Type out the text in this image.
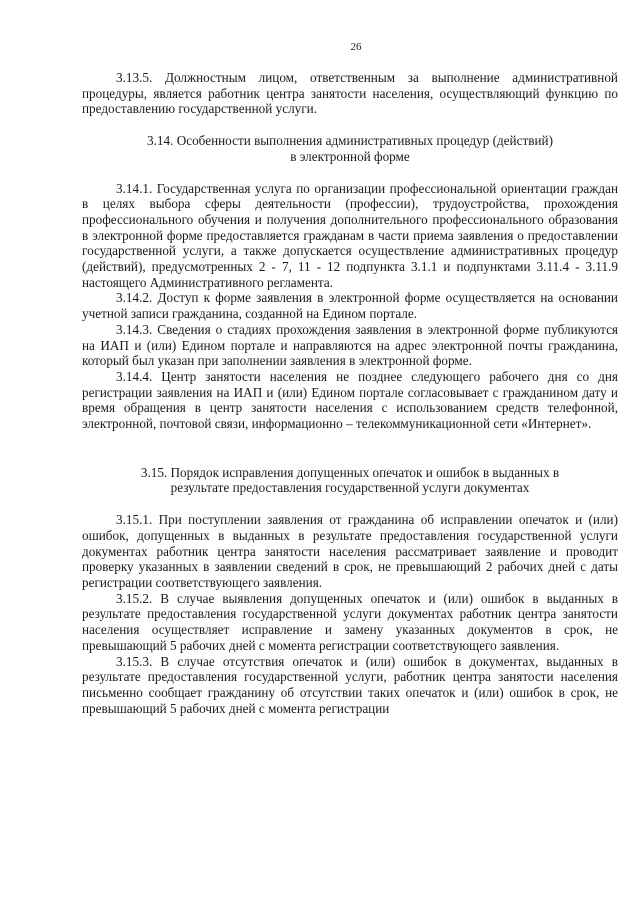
26

3.13.5. Должностным лицом, ответственным за выполнение административной процедуры, является работник центра занятости населения, осуществляющий функцию по предоставлению государственной услуги.

3.14. Особенности выполнения административных процедур (действий)
в электронной форме

3.14.1. Государственная услуга по организации профессиональной ориентации граждан в целях выбора сферы деятельности (профессии), трудоустройства, прохождения профессионального обучения и получения дополнительного профессионального образования в электронной форме предоставляется гражданам в части приема заявления о предоставлении государственной услуги, а также допускается осуществление административных процедур (действий), предусмотренных 2 - 7, 11 - 12 подпункта 3.1.1 и подпунктами 3.11.4 - 3.11.9 настоящего Административного регламента.

3.14.2. Доступ к форме заявления в электронной форме осуществляется на основании учетной записи гражданина, созданной на Едином портале.

3.14.3. Сведения о стадиях прохождения заявления в электронной форме публикуются на ИАП и (или) Едином портале и направляются на адрес электронной почты гражданина, который был указан при заполнении заявления в электронной форме.

3.14.4. Центр занятости населения не позднее следующего рабочего дня со дня регистрации заявления на ИАП и (или) Едином портале согласовывает с гражданином дату и время обращения в центр занятости населения с использованием средств телефонной, электронной, почтовой связи, информационно – телекоммуникационной сети «Интернет».

3.15. Порядок исправления допущенных опечаток и ошибок в выданных в
результате предоставления государственной услуги документах

3.15.1. При поступлении заявления от гражданина об исправлении опечаток и (или) ошибок, допущенных в выданных в результате предоставления государственной услуги документах работник центра занятости населения рассматривает заявление и проводит проверку указанных в заявлении сведений в срок, не превышающий 2 рабочих дней с даты регистрации соответствующего заявления.

3.15.2. В случае выявления допущенных опечаток и (или) ошибок в выданных в результате предоставления государственной услуги документах работник центра занятости населения осуществляет исправление и замену указанных документов в срок, не превышающий 5 рабочих дней с момента регистрации соответствующего заявления.

3.15.3. В случае отсутствия опечаток и (или) ошибок в документах, выданных в результате предоставления государственной услуги, работник центра занятости населения письменно сообщает гражданину об отсутствии таких опечаток и (или) ошибок в срок, не превышающий 5 рабочих дней с момента регистрации
